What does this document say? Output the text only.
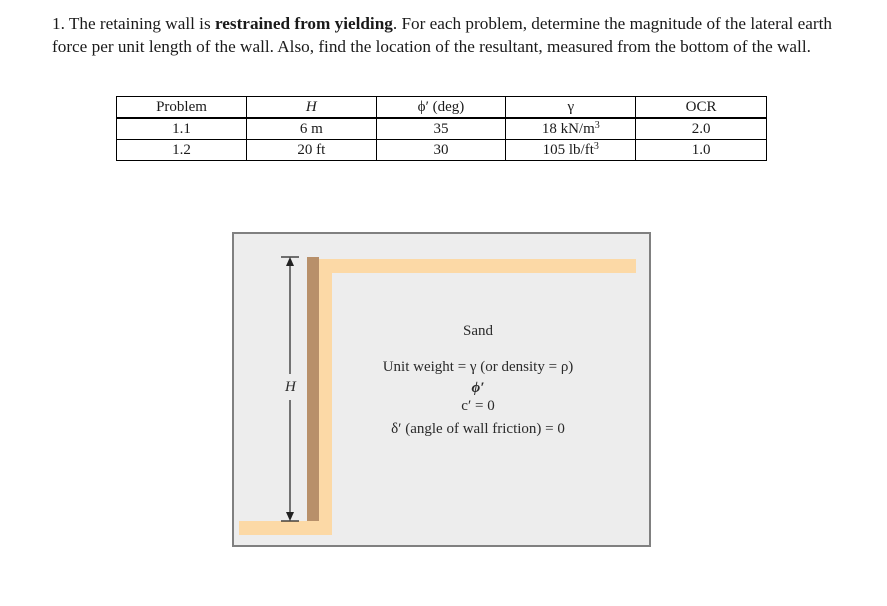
1. The retaining wall is restrained from yielding. For each problem, determine the magnitude of the lateral earth force per unit length of the wall. Also, find the location of the resultant, measured from the bottom of the wall.

Problem	H	ϕ′ (deg)	γ	OCR
1.1	6 m	35	18 $kN/m^3$	2.0
1.2	20 ft	30	105 $lb/ft^3$	1.0
H
Sand
Unit weight = γ (or density = ρ)
ϕ′
c′ = 0
δ′ (angle of wall friction) = 0
